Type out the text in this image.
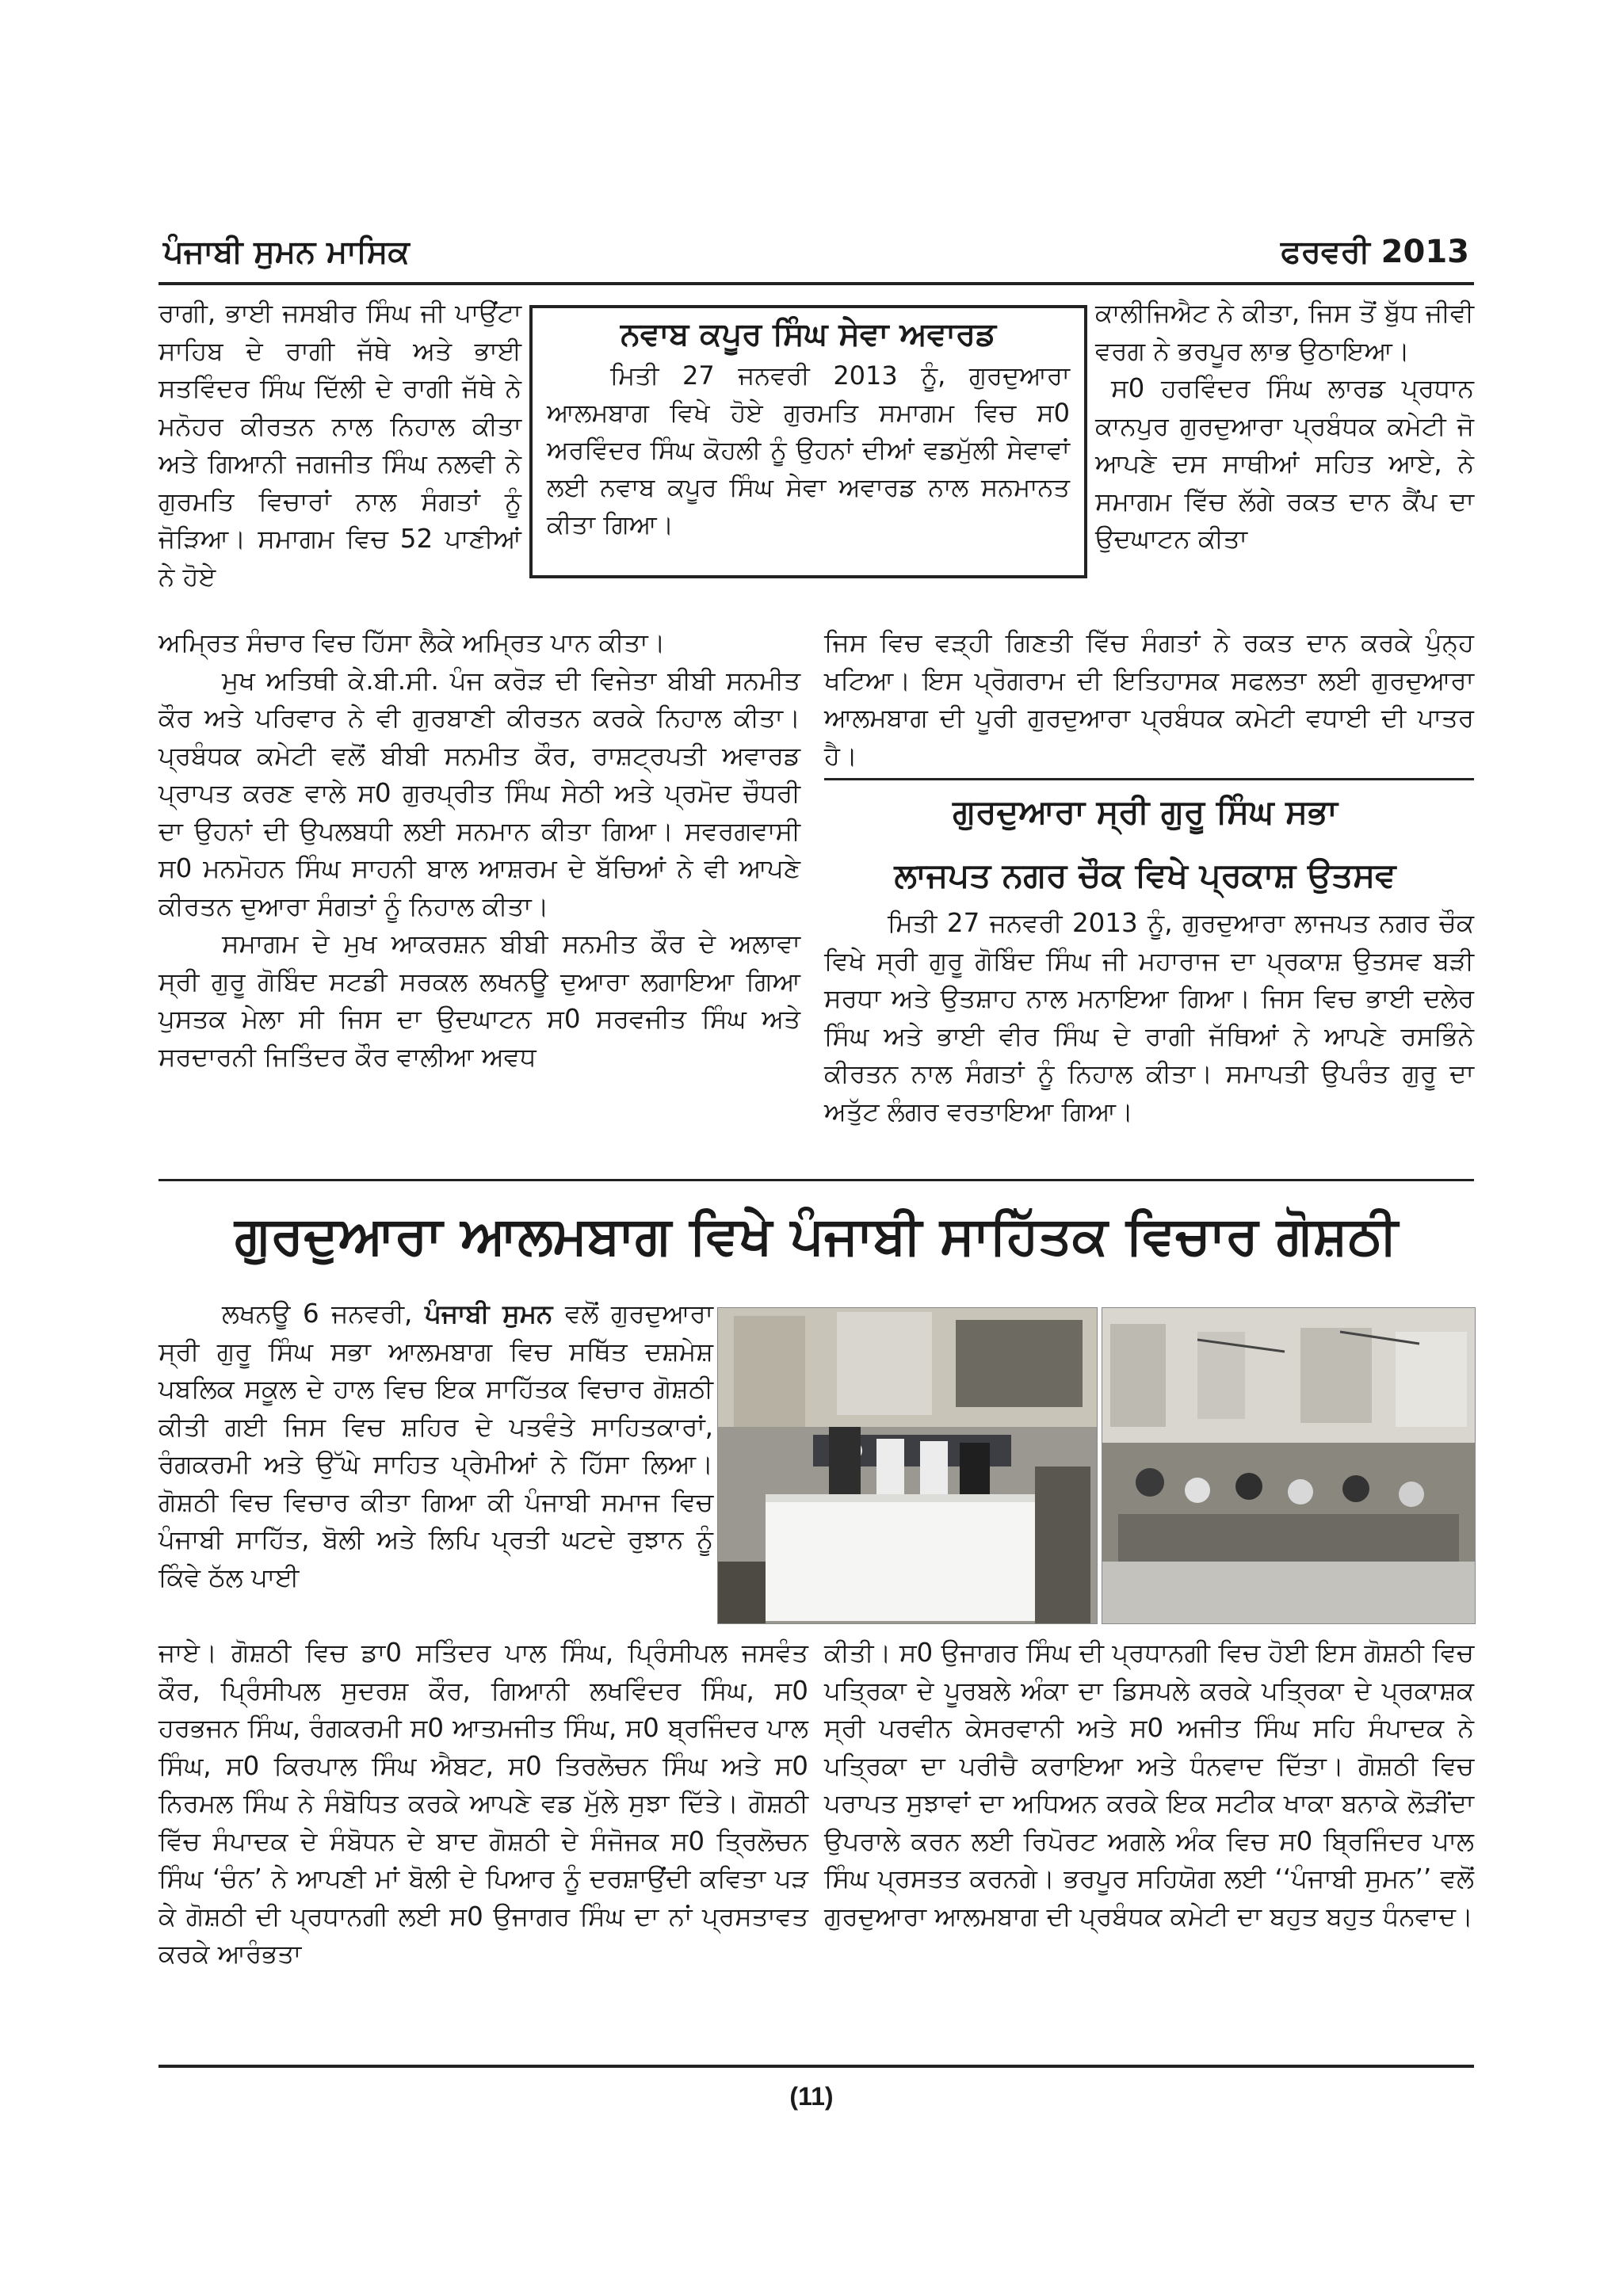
ਪੰਜਾਬੀ ਸੁਮਨ ਮਾਸਿਕ	ਫਰਵਰੀ 2013

ਰਾਗੀ, ਭਾਈ ਜਸਬੀਰ ਸਿੰਘ ਜੀ ਪਾਉਂਟਾ ਸਾਹਿਬ ਦੇ ਰਾਗੀ ਜੱਥੇ ਅਤੇ ਭਾਈ ਸਤਵਿੰਦਰ ਸਿੰਘ ਦਿੱਲੀ ਦੇ ਰਾਗੀ ਜੱਥੇ ਨੇ ਮਨੋਹਰ ਕੀਰਤਨ ਨਾਲ ਨਿਹਾਲ ਕੀਤਾ ਅਤੇ ਗਿਆਨੀ ਜਗਜੀਤ ਸਿੰਘ ਨਲਵੀ ਨੇ ਗੁਰਮਤਿ ਵਿਚਾਰਾਂ ਨਾਲ ਸੰਗਤਾਂ ਨੂੰ ਜੋੜਿਆ। ਸਮਾਗਮ ਵਿਚ 52 ਪਾਣੀਆਂ ਨੇ ਹੋਏ

ਨਵਾਬ ਕਪੂਰ ਸਿੰਘ ਸੇਵਾ ਅਵਾਰਡ
ਮਿਤੀ 27 ਜਨਵਰੀ 2013 ਨੂੰ, ਗੁਰਦੁਆਰਾ ਆਲਮਬਾਗ ਵਿਖੇ ਹੋਏ ਗੁਰਮਤਿ ਸਮਾਗਮ ਵਿਚ ਸ0 ਅਰਵਿੰਦਰ ਸਿੰਘ ਕੋਹਲੀ ਨੂੰ ਉਹਨਾਂ ਦੀਆਂ ਵਡਮੁੱਲੀ ਸੇਵਾਵਾਂ ਲਈ ਨਵਾਬ ਕਪੂਰ ਸਿੰਘ ਸੇਵਾ ਅਵਾਰਡ ਨਾਲ ਸਨਮਾਨਤ ਕੀਤਾ ਗਿਆ।

ਕਾਲੀਜਿਐਟ ਨੇ ਕੀਤਾ, ਜਿਸ ਤੋਂ ਬੁੱਧ ਜੀਵੀ ਵਰਗ ਨੇ ਭਰਪੂਰ ਲਾਭ ਉਠਾਇਆ।

ਸ0 ਹਰਵਿੰਦਰ ਸਿੰਘ ਲਾਰਡ ਪ੍ਰਧਾਨ ਕਾਨਪੁਰ ਗੁਰਦੁਆਰਾ ਪ੍ਰਬੰਧਕ ਕਮੇਟੀ ਜੋ ਆਪਣੇ ਦਸ ਸਾਥੀਆਂ ਸਹਿਤ ਆਏ, ਨੇ ਸਮਾਗਮ ਵਿੱਚ ਲੱਗੇ ਰਕਤ ਦਾਨ ਕੈਂਪ ਦਾ ਉਦਘਾਟਨ ਕੀਤਾ

ਅਮ੍ਰਿਤ ਸੰਚਾਰ ਵਿਚ ਹਿੱਸਾ ਲੈਕੇ ਅਮ੍ਰਿਤ ਪਾਨ ਕੀਤਾ।

ਮੁਖ ਅਤਿਥੀ ਕੇ.ਬੀ.ਸੀ. ਪੰਜ ਕਰੋੜ ਦੀ ਵਿਜੇਤਾ ਬੀਬੀ ਸਨਮੀਤ ਕੌਰ ਅਤੇ ਪਰਿਵਾਰ ਨੇ ਵੀ ਗੁਰਬਾਣੀ ਕੀਰਤਨ ਕਰਕੇ ਨਿਹਾਲ ਕੀਤਾ। ਪ੍ਰਬੰਧਕ ਕਮੇਟੀ ਵਲੋਂ ਬੀਬੀ ਸਨਮੀਤ ਕੌਰ, ਰਾਸ਼ਟ੍ਰਪਤੀ ਅਵਾਰਡ ਪ੍ਰਾਪਤ ਕਰਣ ਵਾਲੇ ਸ0 ਗੁਰਪ੍ਰੀਤ ਸਿੰਘ ਸੇਠੀ ਅਤੇ ਪ੍ਰਮੋਦ ਚੌਧਰੀ ਦਾ ਉਹਨਾਂ ਦੀ ਉਪਲਬਧੀ ਲਈ ਸਨਮਾਨ ਕੀਤਾ ਗਿਆ। ਸਵਰਗਵਾਸੀ ਸ0 ਮਨਮੋਹਨ ਸਿੰਘ ਸਾਹਨੀ ਬਾਲ ਆਸ਼ਰਮ ਦੇ ਬੱਚਿਆਂ ਨੇ ਵੀ ਆਪਣੇ ਕੀਰਤਨ ਦੁਆਰਾ ਸੰਗਤਾਂ ਨੂੰ ਨਿਹਾਲ ਕੀਤਾ।

ਸਮਾਗਮ ਦੇ ਮੁਖ ਆਕਰਸ਼ਨ ਬੀਬੀ ਸਨਮੀਤ ਕੌਰ ਦੇ ਅਲਾਵਾ ਸ੍ਰੀ ਗੁਰੂ ਗੋਬਿੰਦ ਸਟਡੀ ਸਰਕਲ ਲਖਨਊ ਦੁਆਰਾ ਲਗਾਇਆ ਗਿਆ ਪੁਸਤਕ ਮੇਲਾ ਸੀ ਜਿਸ ਦਾ ਉਦਘਾਟਨ ਸ0 ਸਰਵਜੀਤ ਸਿੰਘ ਅਤੇ ਸਰਦਾਰਨੀ ਜਿਤਿੰਦਰ ਕੌਰ ਵਾਲੀਆ ਅਵਧ

ਜਿਸ ਵਿਚ ਵੜ੍ਹੀ ਗਿਣਤੀ ਵਿੱਚ ਸੰਗਤਾਂ ਨੇ ਰਕਤ ਦਾਨ ਕਰਕੇ ਪੁੰਨ੍ਹ ਖਟਿਆ। ਇਸ ਪ੍ਰੋਗਰਾਮ ਦੀ ਇਤਿਹਾਸਕ ਸਫਲਤਾ ਲਈ ਗੁਰਦੁਆਰਾ ਆਲਮਬਾਗ ਦੀ ਪੂਰੀ ਗੁਰਦੁਆਰਾ ਪ੍ਰਬੰਧਕ ਕਮੇਟੀ ਵਧਾਈ ਦੀ ਪਾਤਰ ਹੈ।

ਗੁਰਦੁਆਰਾ ਸ੍ਰੀ ਗੁਰੂ ਸਿੰਘ ਸਭਾ
ਲਾਜਪਤ ਨਗਰ ਚੌਕ ਵਿਖੇ ਪ੍ਰਕਾਸ਼ ਉਤਸਵ

ਮਿਤੀ 27 ਜਨਵਰੀ 2013 ਨੂੰ, ਗੁਰਦੁਆਰਾ ਲਾਜਪਤ ਨਗਰ ਚੌਕ ਵਿਖੇ ਸ੍ਰੀ ਗੁਰੂ ਗੋਬਿੰਦ ਸਿੰਘ ਜੀ ਮਹਾਰਾਜ ਦਾ ਪ੍ਰਕਾਸ਼ ਉਤਸਵ ਬੜੀ ਸਰਧਾ ਅਤੇ ਉਤਸ਼ਾਹ ਨਾਲ ਮਨਾਇਆ ਗਿਆ। ਜਿਸ ਵਿਚ ਭਾਈ ਦਲੇਰ ਸਿੰਘ ਅਤੇ ਭਾਈ ਵੀਰ ਸਿੰਘ ਦੇ ਰਾਗੀ ਜੱਥਿਆਂ ਨੇ ਆਪਣੇ ਰਸਭਿੰਨੇ ਕੀਰਤਨ ਨਾਲ ਸੰਗਤਾਂ ਨੂੰ ਨਿਹਾਲ ਕੀਤਾ। ਸਮਾਪਤੀ ਉਪਰੰਤ ਗੁਰੂ ਦਾ ਅਤੁੱਟ ਲੰਗਰ ਵਰਤਾਇਆ ਗਿਆ।

ਗੁਰਦੁਆਰਾ ਆਲਮਬਾਗ ਵਿਖੇ ਪੰਜਾਬੀ ਸਾਹਿੱਤਕ ਵਿਚਾਰ ਗੋਸ਼ਠੀ

ਲਖਨਊ 6 ਜਨਵਰੀ, ਪੰਜਾਬੀ ਸੁਮਨ ਵਲੋਂ ਗੁਰਦੁਆਰਾ ਸ੍ਰੀ ਗੁਰੂ ਸਿੰਘ ਸਭਾ ਆਲਮਬਾਗ ਵਿਚ ਸਥਿੱਤ ਦਸ਼ਮੇਸ਼ ਪਬਲਿਕ ਸਕੂਲ ਦੇ ਹਾਲ ਵਿਚ ਇਕ ਸਾਹਿੱਤਕ ਵਿਚਾਰ ਗੋਸ਼ਠੀ ਕੀਤੀ ਗਈ ਜਿਸ ਵਿਚ ਸ਼ਹਿਰ ਦੇ ਪਤਵੰਤੇ ਸਾਹਿਤਕਾਰਾਂ, ਰੰਗਕਰਮੀ ਅਤੇ ਉੱਘੇ ਸਾਹਿਤ ਪ੍ਰੇਮੀਆਂ ਨੇ ਹਿੱਸਾ ਲਿਆ। ਗੋਸ਼ਠੀ ਵਿਚ ਵਿਚਾਰ ਕੀਤਾ ਗਿਆ ਕੀ ਪੰਜਾਬੀ ਸਮਾਜ ਵਿਚ ਪੰਜਾਬੀ ਸਾਹਿੱਤ, ਬੋਲੀ ਅਤੇ ਲਿਪਿ ਪ੍ਰਤੀ ਘਟਦੇ ਰੁਝਾਨ ਨੂੰ ਕਿੰਵੇ ਠੱਲ ਪਾਈ

ਜਾਏ। ਗੋਸ਼ਠੀ ਵਿਚ ਡਾ0 ਸਤਿੰਦਰ ਪਾਲ ਸਿੰਘ, ਪ੍ਰਿੰਸੀਪਲ ਜਸਵੰਤ ਕੌਰ, ਪ੍ਰਿੰਸੀਪਲ ਸੁਦਰਸ਼ ਕੌਰ, ਗਿਆਨੀ ਲਖਵਿੰਦਰ ਸਿੰਘ, ਸ0 ਹਰਭਜਨ ਸਿੰਘ, ਰੰਗਕਰਮੀ ਸ0 ਆਤਮਜੀਤ ਸਿੰਘ, ਸ0 ਬ੍ਰਜਿੰਦਰ ਪਾਲ ਸਿੰਘ, ਸ0 ਕਿਰਪਾਲ ਸਿੰਘ ਐਬਟ, ਸ0 ਤਿਰਲੋਚਨ ਸਿੰਘ ਅਤੇ ਸ0 ਨਿਰਮਲ ਸਿੰਘ ਨੇ ਸੰਬੋਧਿਤ ਕਰਕੇ ਆਪਣੇ ਵਡ ਮੁੱਲੇ ਸੁਝਾ ਦਿੱਤੇ। ਗੋਸ਼ਠੀ ਵਿੱਚ ਸੰਪਾਦਕ ਦੇ ਸੰਬੋਧਨ ਦੇ ਬਾਦ ਗੋਸ਼ਠੀ ਦੇ ਸੰਜੋਜਕ ਸ0 ਤ੍ਰਿਲੋਚਨ ਸਿੰਘ ‘ਚੰਨ’ ਨੇ ਆਪਣੀ ਮਾਂ ਬੋਲੀ ਦੇ ਪਿਆਰ ਨੂੰ ਦਰਸ਼ਾਉਂਦੀ ਕਵਿਤਾ ਪੜ ਕੇ ਗੋਸ਼ਠੀ ਦੀ ਪ੍ਰਧਾਨਗੀ ਲਈ ਸ0 ਉਜਾਗਰ ਸਿੰਘ ਦਾ ਨਾਂ ਪ੍ਰਸਤਾਵਤ ਕਰਕੇ ਆਰੰਭਤਾ

ਕੀਤੀ। ਸ0 ਉਜਾਗਰ ਸਿੰਘ ਦੀ ਪ੍ਰਧਾਨਗੀ ਵਿਚ ਹੋਈ ਇਸ ਗੋਸ਼ਠੀ ਵਿਚ ਪਤ੍ਰਿਕਾ ਦੇ ਪੂਰਬਲੇ ਅੰਕਾ ਦਾ ਡਿਸਪਲੇ ਕਰਕੇ ਪਤ੍ਰਿਕਾ ਦੇ ਪ੍ਰਕਾਸ਼ਕ ਸ੍ਰੀ ਪਰਵੀਨ ਕੇਸਰਵਾਨੀ ਅਤੇ ਸ0 ਅਜੀਤ ਸਿੰਘ ਸਹਿ ਸੰਪਾਦਕ ਨੇ ਪਤ੍ਰਿਕਾ ਦਾ ਪਰੀਚੈ ਕਰਾਇਆ ਅਤੇ ਧੰਨਵਾਦ ਦਿੱਤਾ। ਗੋਸ਼ਠੀ ਵਿਚ ਪਰਾਪਤ ਸੁਝਾਵਾਂ ਦਾ ਅਧਿਅਨ ਕਰਕੇ ਇਕ ਸਟੀਕ ਖਾਕਾ ਬਨਾਕੇ ਲੋੜੀਂਦਾ ਉਪਰਾਲੇ ਕਰਨ ਲਈ ਰਿਪੋਰਟ ਅਗਲੇ ਅੰਕ ਵਿਚ ਸ0 ਬ੍ਰਿਜਿੰਦਰ ਪਾਲ ਸਿੰਘ ਪ੍ਰਸਤਤ ਕਰਨਗੇ। ਭਰਪੂਰ ਸਹਿਯੋਗ ਲਈ ‘‘ਪੰਜਾਬੀ ਸੁਮਨ’’ ਵਲੋਂ ਗੁਰਦੁਆਰਾ ਆਲਮਬਾਗ ਦੀ ਪ੍ਰਬੰਧਕ ਕਮੇਟੀ ਦਾ ਬਹੁਤ ਬਹੁਤ ਧੰਨਵਾਦ।

(11)
